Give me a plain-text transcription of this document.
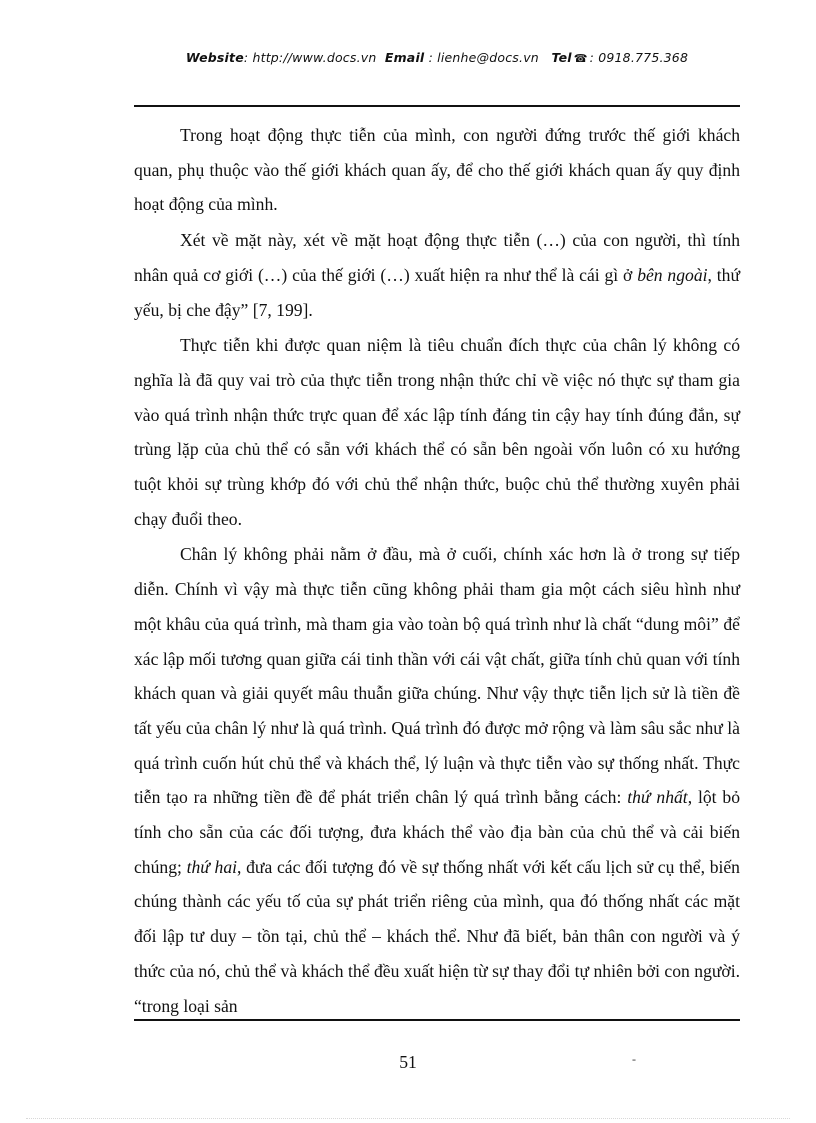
Website: http://www.docs.vn Email : lienhe@docs.vn Tel ☎ : 0918.775.368

Trong hoạt động thực tiễn của mình, con người đứng trước thế giới khách quan, phụ thuộc vào thế giới khách quan ấy, để cho thế giới khách quan ấy quy định hoạt động của mình.

Xét về mặt này, xét về mặt hoạt động thực tiễn (…) của con người, thì tính nhân quả cơ giới (…) của thế giới (…) xuất hiện ra như thể là cái gì ở bên ngoài, thứ yếu, bị che đậy” [7, 199].

Thực tiễn khi được quan niệm là tiêu chuẩn đích thực của chân lý không có nghĩa là đã quy vai trò của thực tiễn trong nhận thức chỉ về việc nó thực sự tham gia vào quá trình nhận thức trực quan để xác lập tính đáng tin cậy hay tính đúng đắn, sự trùng lặp của chủ thể có sẵn với khách thể có sẵn bên ngoài vốn luôn có xu hướng tuột khỏi sự trùng khớp đó với chủ thể nhận thức, buộc chủ thể thường xuyên phải chạy đuổi theo.

Chân lý không phải nằm ở đầu, mà ở cuối, chính xác hơn là ở trong sự tiếp diễn. Chính vì vậy mà thực tiễn cũng không phải tham gia một cách siêu hình như một khâu của quá trình, mà tham gia vào toàn bộ quá trình như là chất “dung môi” để xác lập mối tương quan giữa cái tinh thần với cái vật chất, giữa tính chủ quan với tính khách quan và giải quyết mâu thuẫn giữa chúng. Như vậy thực tiễn lịch sử là tiền đề tất yếu của chân lý như là quá trình. Quá trình đó được mở rộng và làm sâu sắc như là quá trình cuốn hút chủ thể và khách thể, lý luận và thực tiễn vào sự thống nhất. Thực tiễn tạo ra những tiền đề để phát triển chân lý quá trình bằng cách: thứ nhất, lột bỏ tính cho sẵn của các đối tượng, đưa khách thể vào địa bàn của chủ thể và cải biến chúng; thứ hai, đưa các đối tượng đó về sự thống nhất với kết cấu lịch sử cụ thể, biến chúng thành các yếu tố của sự phát triển riêng của mình, qua đó thống nhất các mặt đối lập tư duy – tồn tại, chủ thể – khách thể. Như đã biết, bản thân con người và ý thức của nó, chủ thể và khách thể đều xuất hiện từ sự thay đổi tự nhiên bởi con người. “trong loại sản

51	-
